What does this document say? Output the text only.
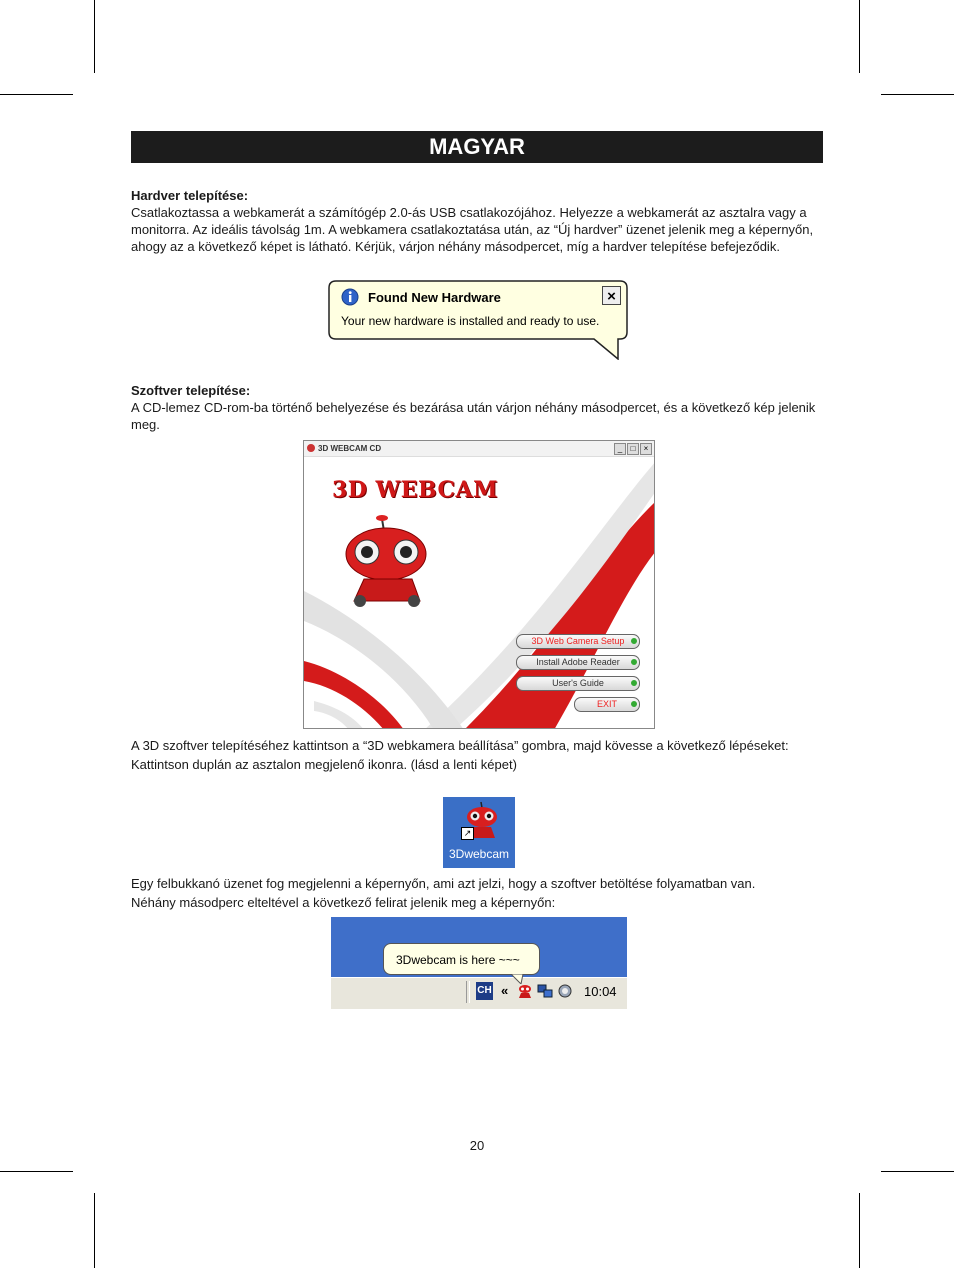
MAGYAR
Hardver telepítése:

Csatlakoztassa a webkamerát a számítógép 2.0-ás USB csatlakozójához. Helyezze a webkamerát az asztalra vagy a monitorra. Az ideális távolság 1m. A webkamera csatlakoztatása után, az “Új hardver” üzenet jelenik meg a képernyőn, ahogy az a következő képet is látható. Kérjük, várjon néhány másodpercet, míg a hardver telepítése befejeződik.

Found New Hardware
Your new hardware is installed and ready to use.
×
Szoftver telepítése:

A CD-lemez CD-rom-ba történő behelyezése és bezárása után várjon néhány másodpercet, és a következő kép jelenik meg.

3D WEBCAM CD	_	□	×
3D WEBCAM
3D Web Camera Setup
Install Adobe Reader
User's Guide
EXIT

A 3D szoftver telepítéséhez kattintson a “3D webkamera beállítása” gombra, majd kövesse a következő lépéseket:

Kattintson duplán az asztalon megjelenő ikonra. (lásd a lenti képet)

↗
3Dwebcam

Egy felbukkanó üzenet fog megjelenni a képernyőn, ami azt jelzi, hogy a szoftver betöltése folyamatban van.

Néhány másodperc elteltével a következő felirat jelenik meg a képernyőn:

3Dwebcam is here ~~~
CH «	10:04
20
